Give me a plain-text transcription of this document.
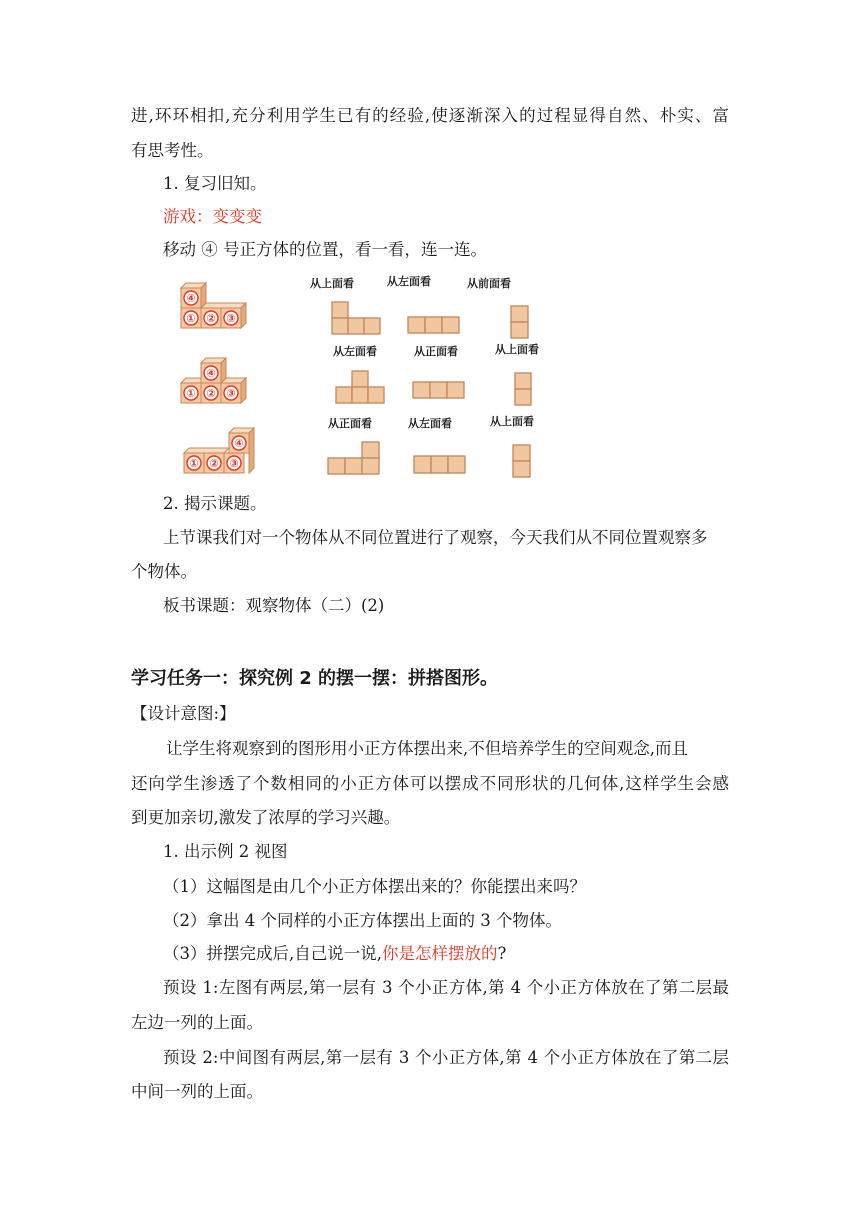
进,环环相扣,充分利用学生已有的经验,使逐渐深入的过程显得自然、朴实、富
有思考性。
1. 复习旧知。
游戏：变变变
移动 ④ 号正方体的位置，看一看，连一连。
④
① ② ③
④
① ② ③
④
① ② ③
从上面看	从左面看	从前面看
从左面看	从正面看	从上面看
从正面看	从左面看	从上面看
2. 揭示课题。
上节课我们对一个物体从不同位置进行了观察，今天我们从不同位置观察多
个物体。
板书课题：观察物体（二）(2)
学习任务一：探究例 2 的摆一摆：拼搭图形。
【设计意图:】
让学生将观察到的图形用小正方体摆出来,不但培养学生的空间观念,而且
还向学生渗透了个数相同的小正方体可以摆成不同形状的几何体,这样学生会感
到更加亲切,激发了浓厚的学习兴趣。
1. 出示例 2 视图
（1）这幅图是由几个小正方体摆出来的？你能摆出来吗？
（2）拿出 4 个同样的小正方体摆出上面的 3 个物体。
（3）拼摆完成后,自己说一说,你是怎样摆放的?
预设 1:左图有两层,第一层有 3 个小正方体,第 4 个小正方体放在了第二层最
左边一列的上面。
预设 2:中间图有两层,第一层有 3 个小正方体,第 4 个小正方体放在了第二层
中间一列的上面。
